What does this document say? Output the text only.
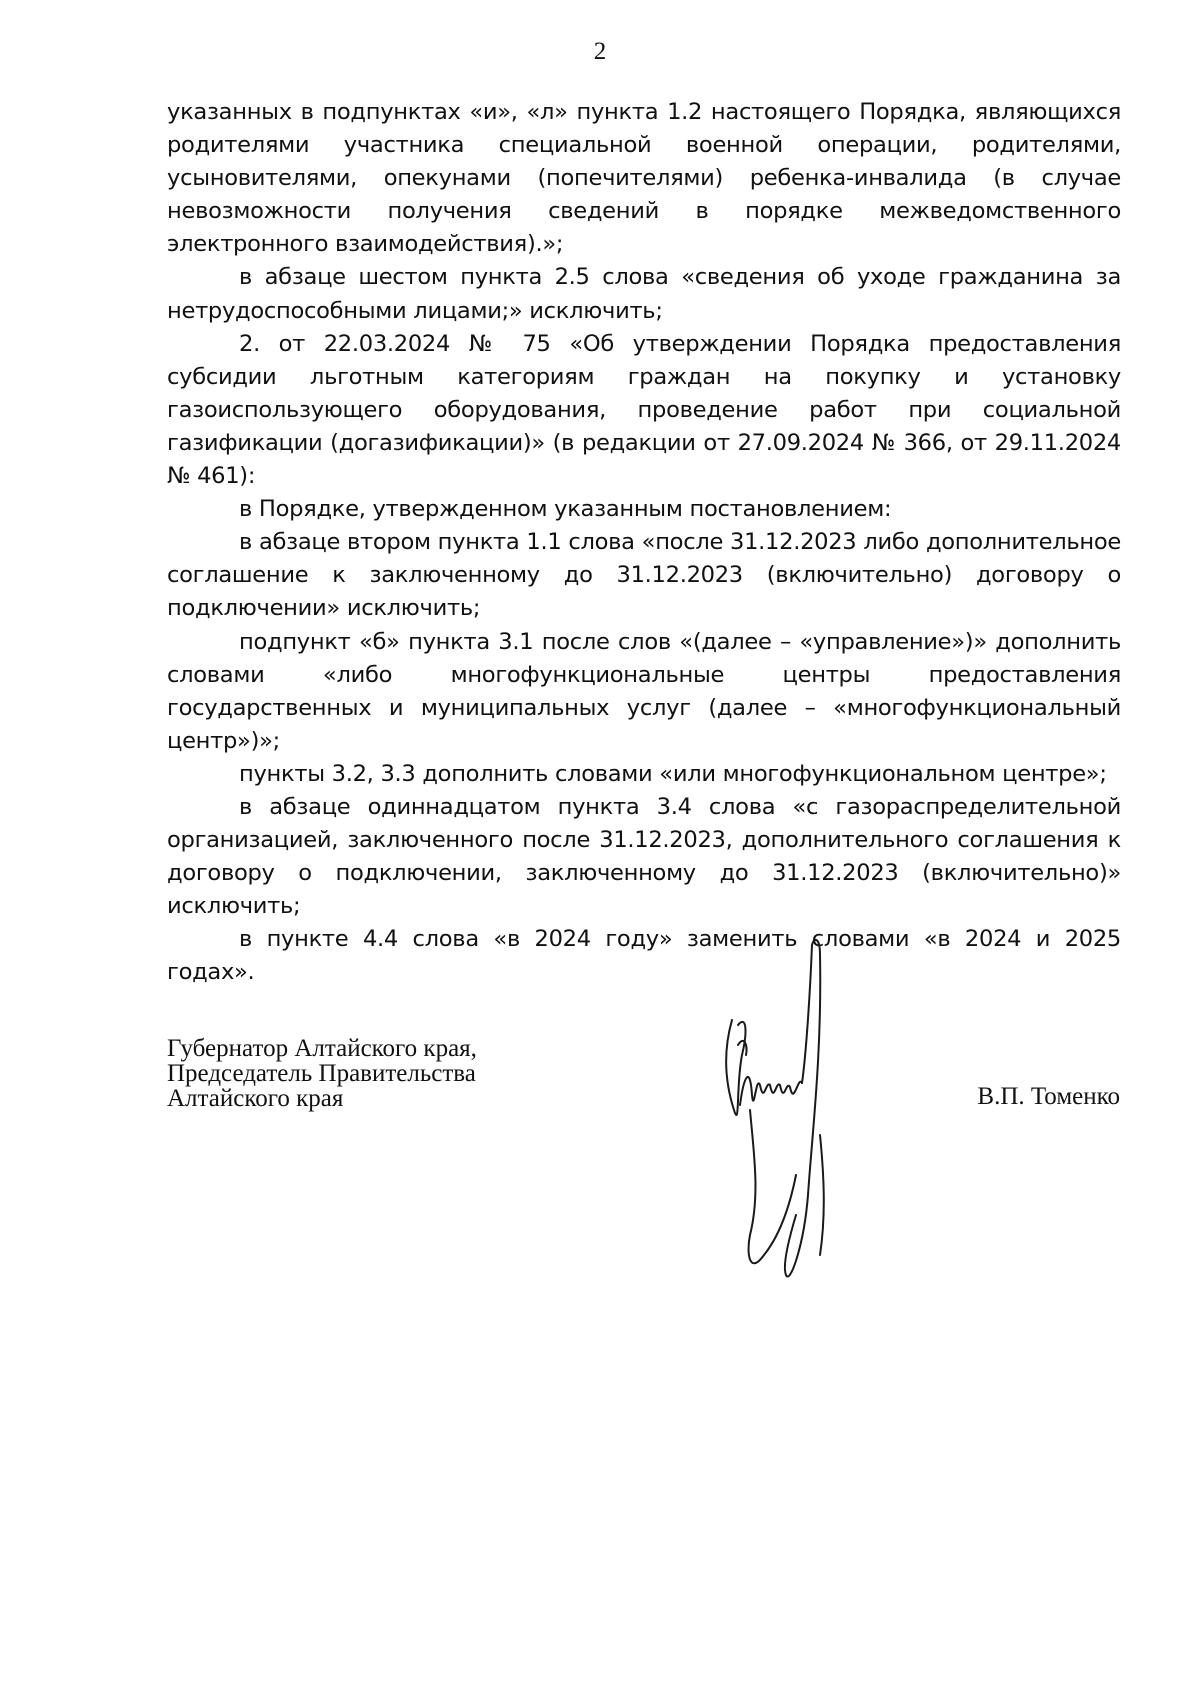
2

указанных в подпунктах «и», «л» пункта 1.2 настоящего Порядка, являющихся родителями участника специальной военной операции, родителями, усыновителями, опекунами (попечителями) ребенка-инвалида (в случае невозможности получения сведений в порядке межведомственного электронного взаимодействия).»;

в абзаце шестом пункта 2.5 слова «сведения об уходе гражданина за нетрудоспособными лицами;» исключить;

2. от 22.03.2024 № 75 «Об утверждении Порядка предоставления субсидии льготным категориям граждан на покупку и установку газоиспользующего оборудования, проведение работ при социальной газификации (догазификации)» (в редакции от 27.09.2024 № 366, от 29.11.2024 № 461):

в Порядке, утвержденном указанным постановлением:

в абзаце втором пункта 1.1 слова «после 31.12.2023 либо дополнительное соглашение к заключенному до 31.12.2023 (включительно) договору о подключении» исключить;

подпункт «б» пункта 3.1 после слов «(далее – «управление»)» дополнить словами «либо многофункциональные центры предоставления государственных и муниципальных услуг (далее – «многофункциональный центр»)»;

пункты 3.2, 3.3 дополнить словами «или многофункциональном центре»;

в абзаце одиннадцатом пункта 3.4 слова «с газораспределительной организацией, заключенного после 31.12.2023, дополнительного соглашения к договору о подключении, заключенному до 31.12.2023 (включительно)» исключить;

в пункте 4.4 слова «в 2024 году» заменить словами «в 2024 и 2025 годах».

Губернатор Алтайского края,
Председатель Правительства
Алтайского края	В.П. Томенко
